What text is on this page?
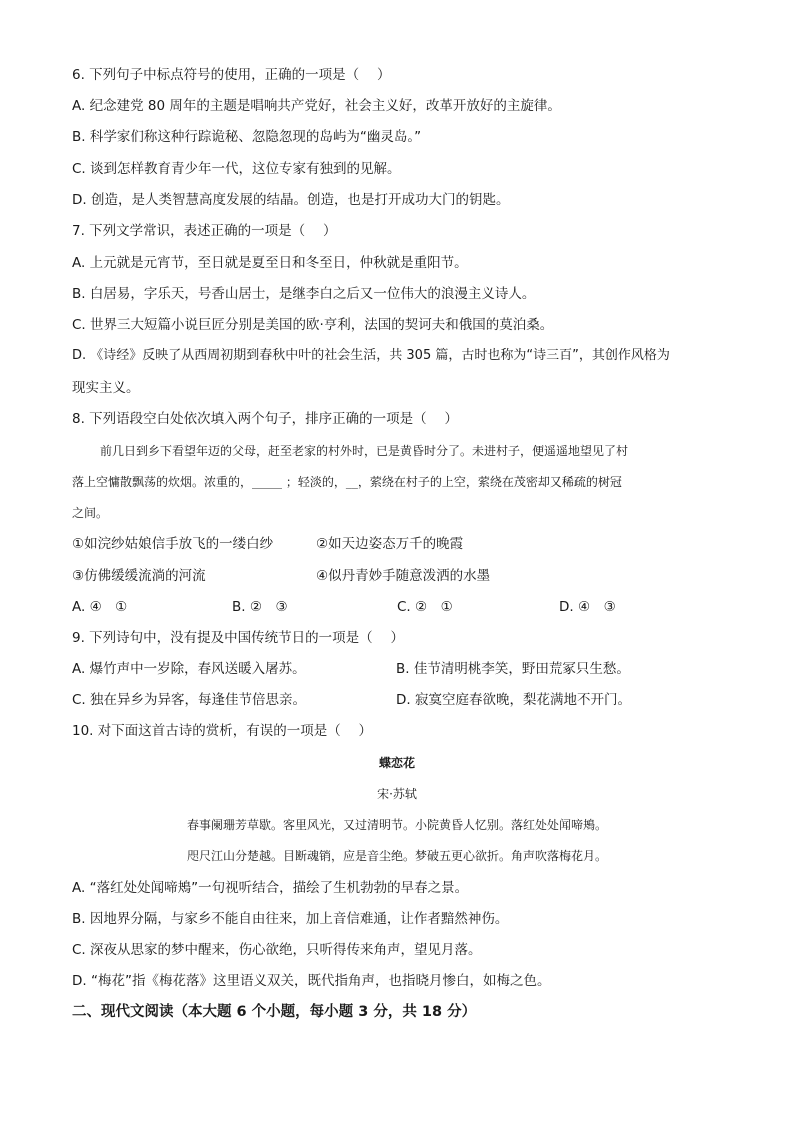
6. 下列句子中标点符号的使用，正确的一项是（　 ）
A. 纪念建党 80 周年的主题是唱响共产党好，社会主义好，改革开放好的主旋律。
B. 科学家们称这种行踪诡秘、忽隐忽现的岛屿为“幽灵岛。”
C. 谈到怎样教育青少年一代，这位专家有独到的见解。
D. 创造，是人类智慧高度发展的结晶。创造，也是打开成功大门的钥匙。
7. 下列文学常识，表述正确的一项是（　 ）
A. 上元就是元宵节，至日就是夏至日和冬至日，仲秋就是重阳节。
B. 白居易，字乐天，号香山居士，是继李白之后又一位伟大的浪漫主义诗人。
C. 世界三大短篇小说巨匠分别是美国的欧·亨利，法国的契诃夫和俄国的莫泊桑。
D. 《诗经》反映了从西周初期到春秋中叶的社会生活，共 305 篇，古时也称为“诗三百”，其创作风格为
现实主义。
8. 下列语段空白处依次填入两个句子，排序正确的一项是（　 ）
前几日到乡下看望年迈的父母，赶至老家的村外时，已是黄昏时分了。未进村子，便遥遥地望见了村
落上空慵散飘荡的炊烟。浓重的，_____ ；轻淡的，__，萦绕在村子的上空，萦绕在茂密却又稀疏的树冠
之间。
①如浣纱姑娘信手放飞的一缕白纱	②如天边姿态万千的晚霞
③仿佛缓缓流淌的河流	④似丹青妙手随意泼洒的水墨
A. ④　①	B. ②　③	C. ②　①	D. ④　③
9. 下列诗句中，没有提及中国传统节日的一项是（　 ）
A. 爆竹声中一岁除，春风送暖入屠苏。	B. 佳节清明桃李笑，野田荒冢只生愁。
C. 独在异乡为异客，每逢佳节倍思亲。	D. 寂寞空庭春欲晚，梨花满地不开门。
10. 对下面这首古诗的赏析，有误的一项是（　 ）
蝶恋花
宋·苏轼
春事阑珊芳草歇。客里风光，又过清明节。小院黄昏人忆别。落红处处闻啼鴂。
咫尺江山分楚越。目断魂销，应是音尘绝。梦破五更心欲折。角声吹落梅花月。
A. “落红处处闻啼鴂”一句视听结合，描绘了生机勃勃的早春之景。
B. 因地界分隔，与家乡不能自由往来，加上音信难通，让作者黯然神伤。
C. 深夜从思家的梦中醒来，伤心欲绝，只听得传来角声，望见月落。
D. “梅花”指《梅花落》这里语义双关，既代指角声，也指晓月惨白，如梅之色。
二、现代文阅读（本大题 6 个小题，每小题 3 分，共 18 分）
